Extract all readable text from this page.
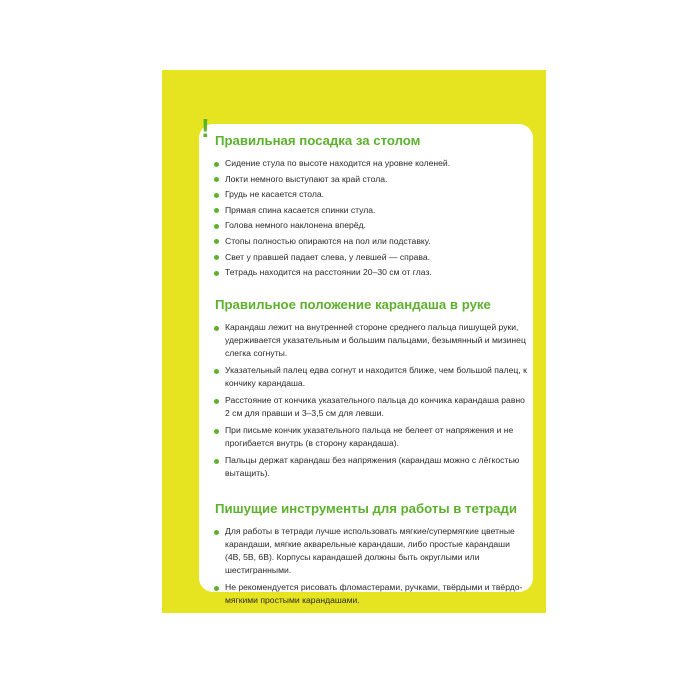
! Правильная посадка за столом
Сидение стула по высоте находится на уровне коленей.
Локти немного выступают за край стола.
Грудь не касается стола.
Прямая спина касается спинки стула.
Голова немного наклонена вперёд.
Стопы полностью опираются на пол или подставку.
Свет у правшей падает слева, у левшей — справа.
Тетрадь находится на расстоянии 20–30 см от глаз.
Правильное положение карандаша в руке
Карандаш лежит на внутренней стороне среднего пальца пишущей руки, удерживается указательным и большим пальцами, безымянный и мизинец слегка согнуты.
Указательный палец едва согнут и находится ближе, чем большой палец, к кончику карандаша.
Расстояние от кончика указательного пальца до кончика карандаша равно 2 см для правши и 3–3,5 см для левши.
При письме кончик указательного пальца не белеет от напряжения и не прогибается внутрь (в сторону карандаша).
Пальцы держат карандаш без напряжения (карандаш можно с лёгкостью вытащить).
Пишущие инструменты для работы в тетради
Для работы в тетради лучше использовать мягкие/супермягкие цветные карандаши, мягкие акварельные карандаши, либо простые карандаши (4B, 5B, 6B). Корпусы карандашей должны быть округлыми или шестигранными.
Не рекомендуется рисовать фломастерами, ручками, твёрдыми и твёрдо-мягкими простыми карандашами.
